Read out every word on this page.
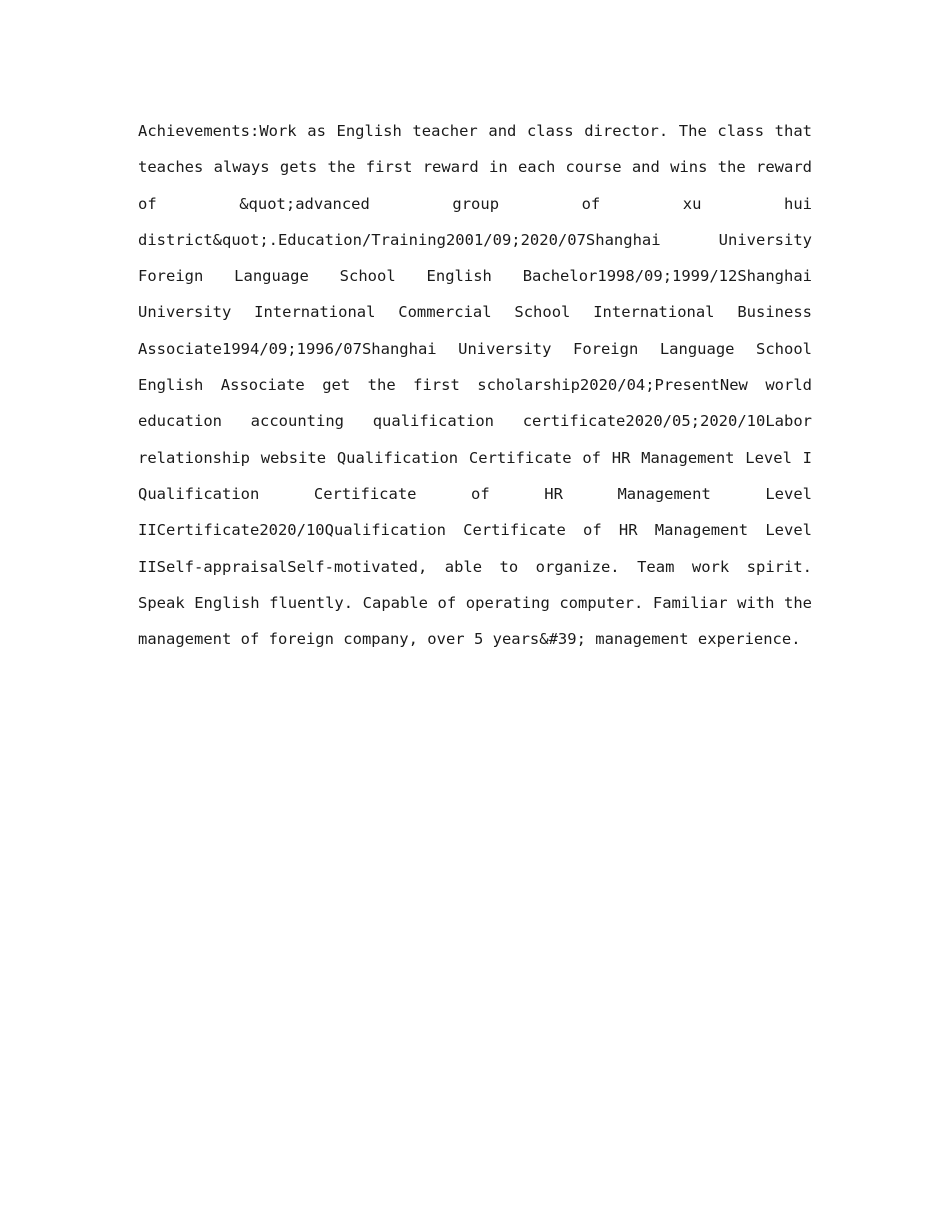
Achievements:Work as English teacher and class director. The class that
teaches always gets the first reward in each course and wins the reward
of &quot;advanced group of xu hui
district&quot;.Education/Training2001/09;2020/07Shanghai University
Foreign Language School English Bachelor1998/09;1999/12Shanghai
University International Commercial School International Business
Associate1994/09;1996/07Shanghai University Foreign Language School
English Associate get the first scholarship2020/04;PresentNew world
education accounting qualification certificate2020/05;2020/10Labor
relationship website Qualification Certificate of HR Management Level I
Qualification Certificate of HR Management Level
IICertificate2020/10Qualification Certificate of HR Management Level
IISelf-appraisalSelf-motivated, able to organize. Team work spirit.
Speak English fluently. Capable of operating computer. Familiar with the
management of foreign company, over 5 years&#39; management experience.
